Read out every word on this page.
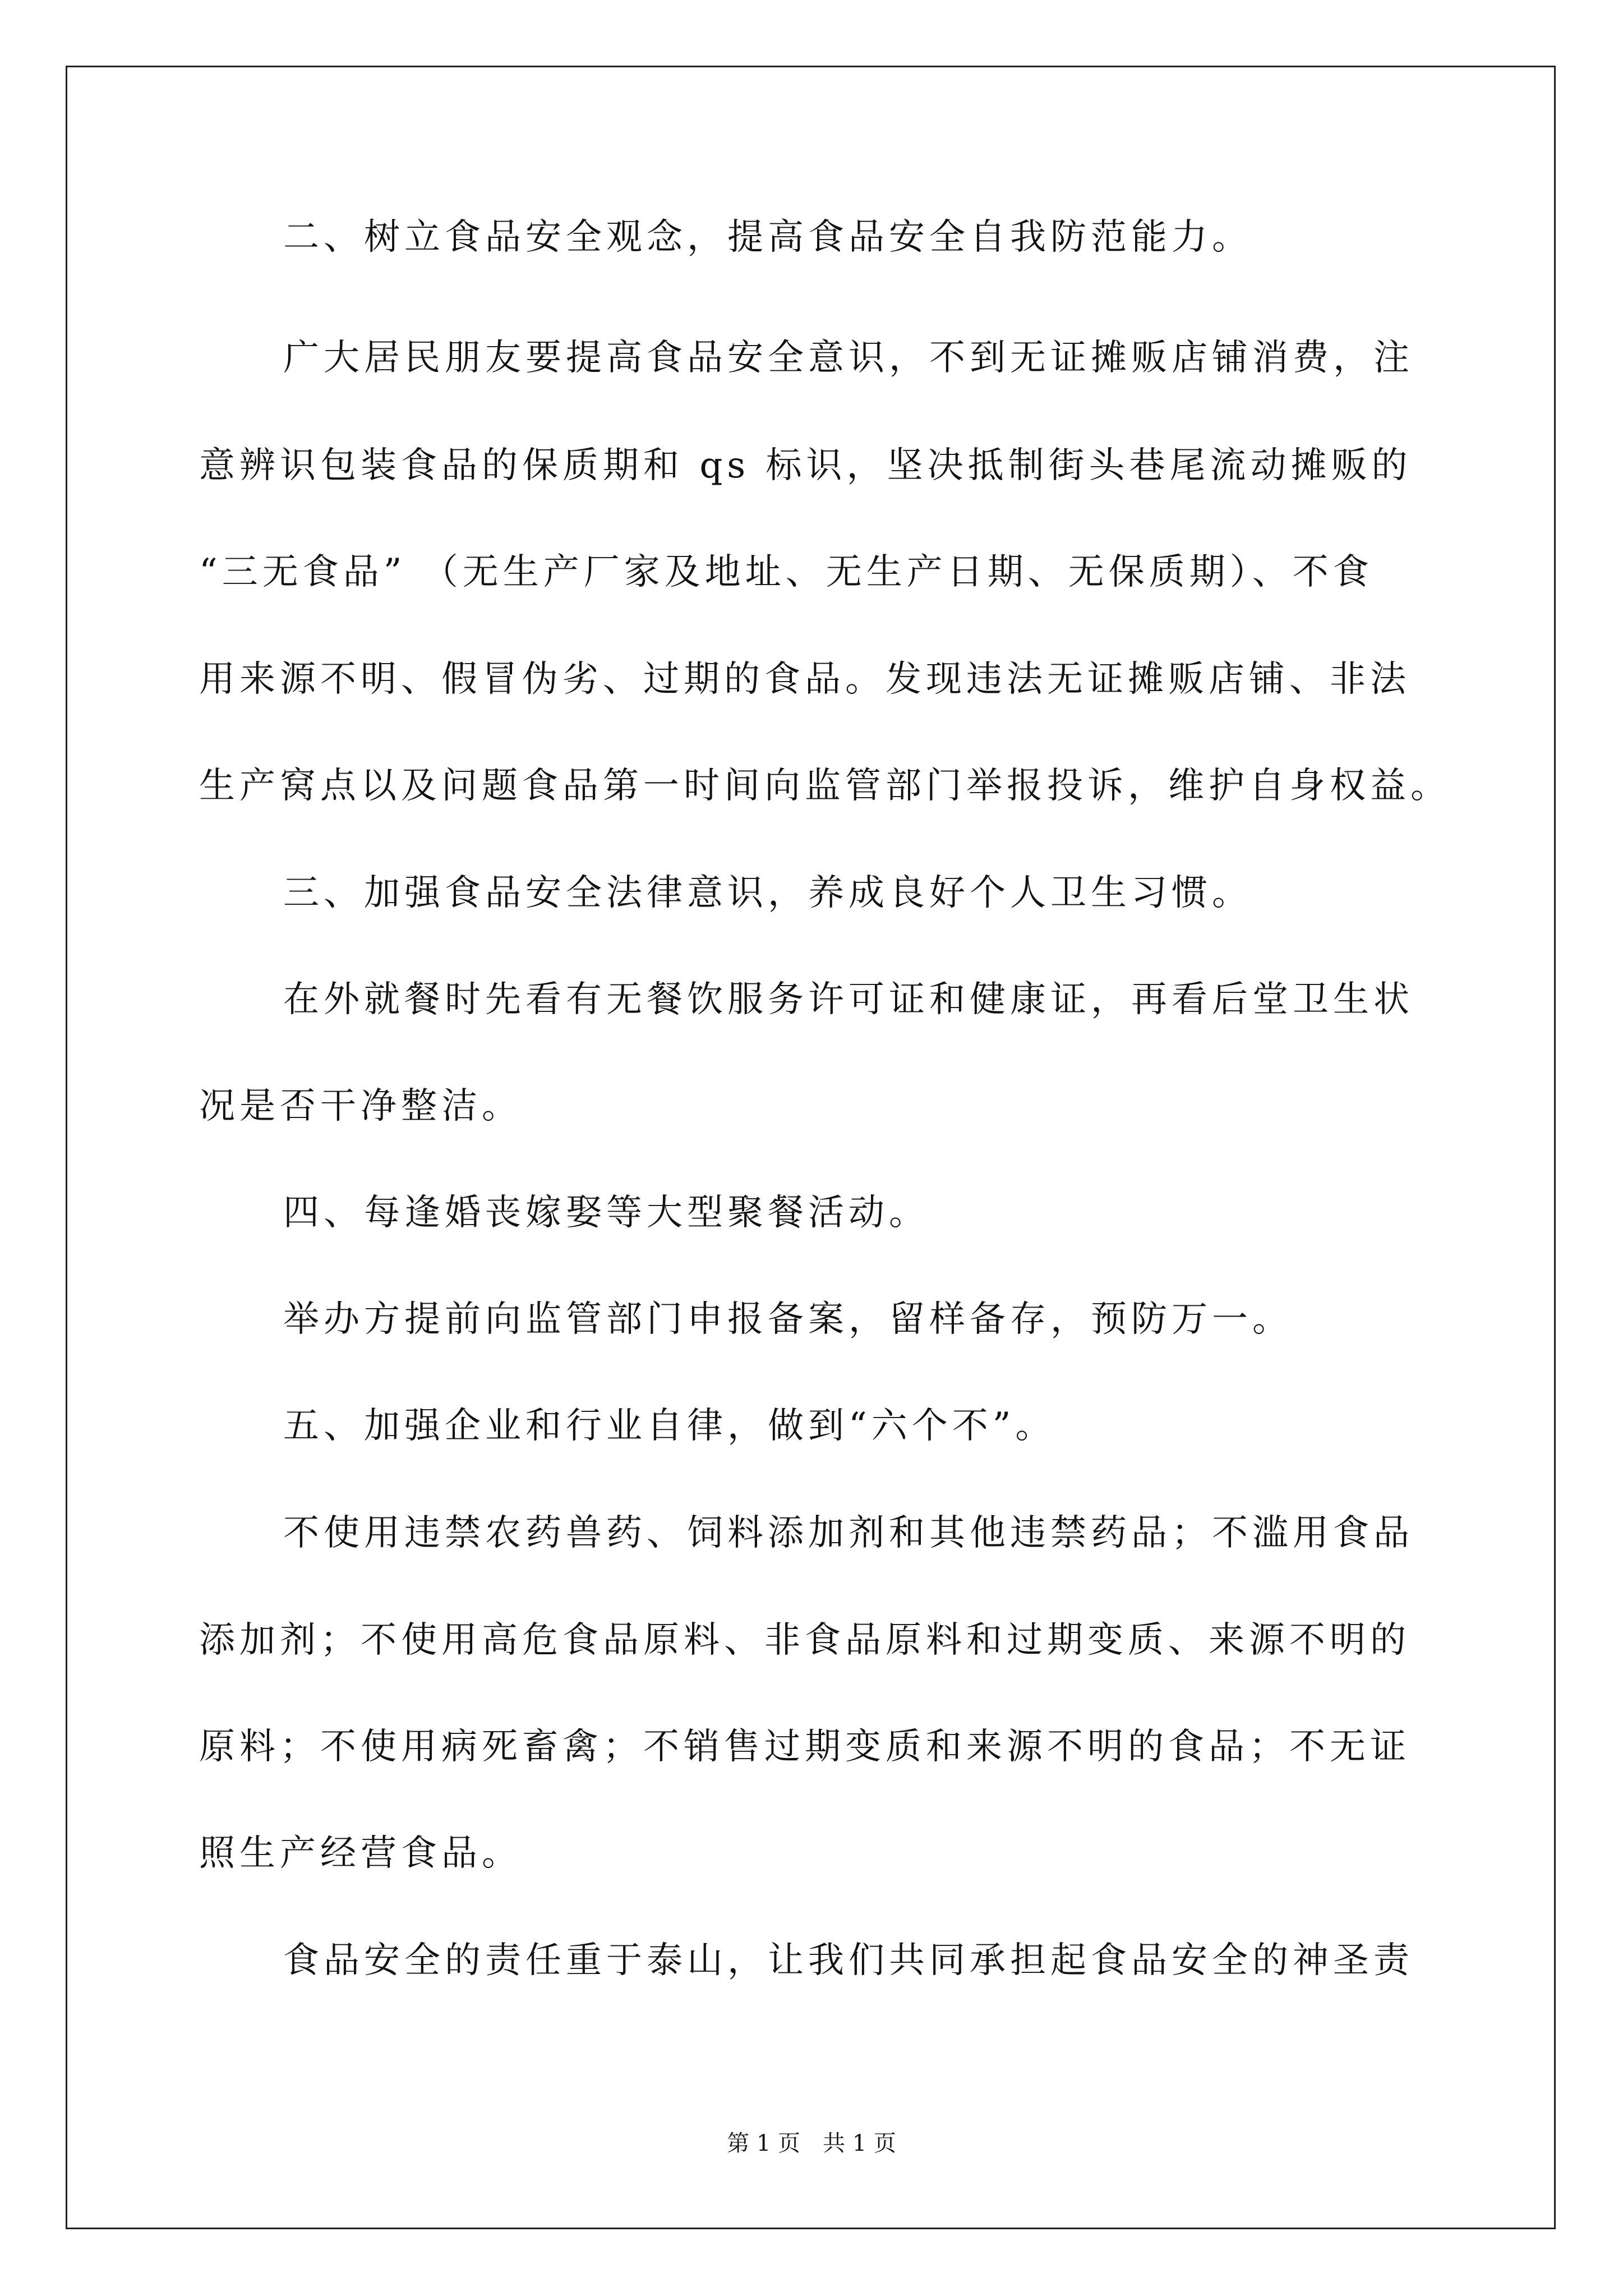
二、树立食品安全观念，提高食品安全自我防范能力。
广大居民朋友要提高食品安全意识，不到无证摊贩店铺消费，注
意辨识包装食品的保质期和 qs 标识，坚决抵制街头巷尾流动摊贩的
“三无食品” （无生产厂家及地址、无生产日期、无保质期）、不食
用来源不明、假冒伪劣、过期的食品。发现违法无证摊贩店铺、非法
生产窝点以及问题食品第一时间向监管部门举报投诉，维护自身权益。
三、加强食品安全法律意识，养成良好个人卫生习惯。
在外就餐时先看有无餐饮服务许可证和健康证，再看后堂卫生状
况是否干净整洁。
四、每逢婚丧嫁娶等大型聚餐活动。
举办方提前向监管部门申报备案，留样备存，预防万一。
五、加强企业和行业自律，做到“六个不”。
不使用违禁农药兽药、饲料添加剂和其他违禁药品；不滥用食品
添加剂；不使用高危食品原料、非食品原料和过期变质、来源不明的
原料；不使用病死畜禽；不销售过期变质和来源不明的食品；不无证
照生产经营食品。
食品安全的责任重于泰山，让我们共同承担起食品安全的神圣责
第 1 页　共 1 页
